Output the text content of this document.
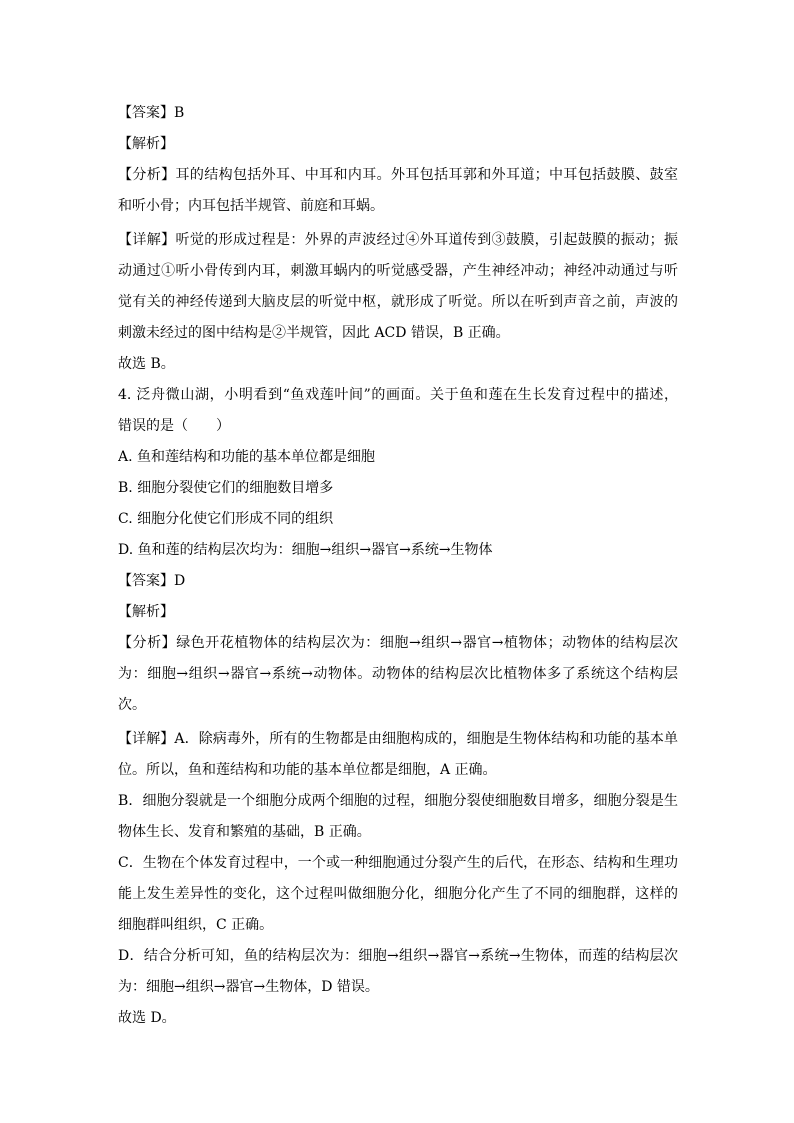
【答案】B
【解析】
【分析】耳的结构包括外耳、中耳和内耳。外耳包括耳郭和外耳道；中耳包括鼓膜、鼓室
和听小骨；内耳包括半规管、前庭和耳蜗。
【详解】听觉的形成过程是：外界的声波经过④外耳道传到③鼓膜，引起鼓膜的振动；振
动通过①听小骨传到内耳，刺激耳蜗内的听觉感受器，产生神经冲动；神经冲动通过与听
觉有关的神经传递到大脑皮层的听觉中枢，就形成了听觉。所以在听到声音之前，声波的
刺激未经过的图中结构是②半规管，因此 ACD 错误，B 正确。
故选 B。
4. 泛舟微山湖，小明看到“鱼戏莲叶间”的画面。关于鱼和莲在生长发育过程中的描述，
错误的是（　　）
A. 鱼和莲结构和功能的基本单位都是细胞
B. 细胞分裂使它们的细胞数目增多
C. 细胞分化使它们形成不同的组织
D. 鱼和莲的结构层次均为：细胞→组织→器官→系统→生物体
【答案】D
【解析】
【分析】绿色开花植物体的结构层次为：细胞→组织→器官→植物体；动物体的结构层次
为：细胞→组织→器官→系统→动物体。动物体的结构层次比植物体多了系统这个结构层
次。
【详解】A．除病毒外，所有的生物都是由细胞构成的，细胞是生物体结构和功能的基本单
位。所以，鱼和莲结构和功能的基本单位都是细胞，A 正确。
B．细胞分裂就是一个细胞分成两个细胞的过程，细胞分裂使细胞数目增多，细胞分裂是生
物体生长、发育和繁殖的基础，B 正确。
C．生物在个体发育过程中，一个或一种细胞通过分裂产生的后代，在形态、结构和生理功
能上发生差异性的变化，这个过程叫做细胞分化，细胞分化产生了不同的细胞群，这样的
细胞群叫组织，C 正确。
D．结合分析可知，鱼的结构层次为：细胞→组织→器官→系统→生物体，而莲的结构层次
为：细胞→组织→器官→生物体，D 错误。
故选 D。
